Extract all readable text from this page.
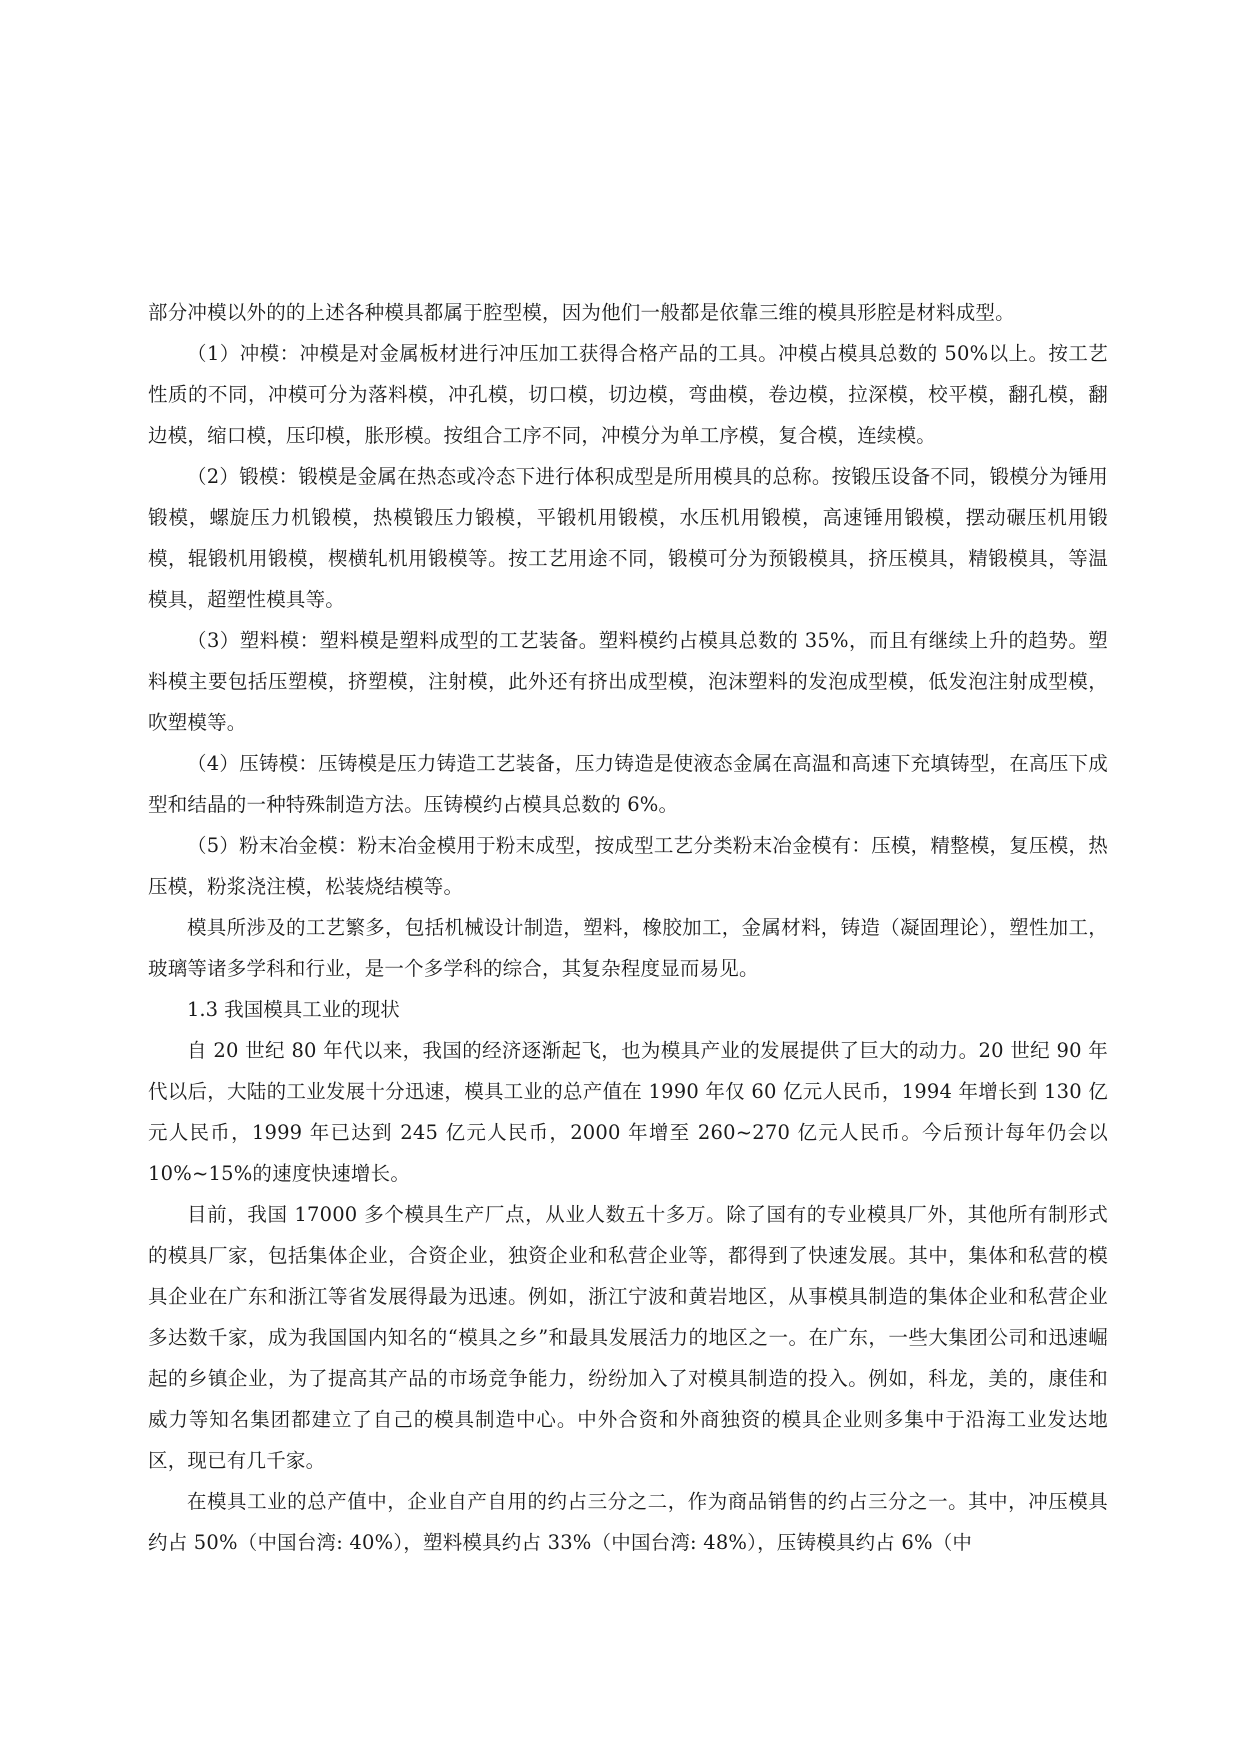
部分冲模以外的的上述各种模具都属于腔型模，因为他们一般都是依靠三维的模具形腔是材料成型。

（1）冲模：冲模是对金属板材进行冲压加工获得合格产品的工具。冲模占模具总数的 50%以上。按工艺性质的不同，冲模可分为落料模，冲孔模，切口模，切边模，弯曲模，卷边模，拉深模，校平模，翻孔模，翻边模，缩口模，压印模，胀形模。按组合工序不同，冲模分为单工序模，复合模，连续模。

（2）锻模：锻模是金属在热态或冷态下进行体积成型是所用模具的总称。按锻压设备不同，锻模分为锤用锻模，螺旋压力机锻模，热模锻压力锻模，平锻机用锻模，水压机用锻模，高速锤用锻模，摆动碾压机用锻模，辊锻机用锻模，楔横轧机用锻模等。按工艺用途不同，锻模可分为预锻模具，挤压模具，精锻模具，等温模具，超塑性模具等。

（3）塑料模：塑料模是塑料成型的工艺装备。塑料模约占模具总数的 35%，而且有继续上升的趋势。塑料模主要包括压塑模，挤塑模，注射模，此外还有挤出成型模，泡沫塑料的发泡成型模，低发泡注射成型模，吹塑模等。

（4）压铸模：压铸模是压力铸造工艺装备，压力铸造是使液态金属在高温和高速下充填铸型，在高压下成型和结晶的一种特殊制造方法。压铸模约占模具总数的 6%。

（5）粉末冶金模：粉末冶金模用于粉末成型，按成型工艺分类粉末冶金模有：压模，精整模，复压模，热压模，粉浆浇注模，松装烧结模等。

模具所涉及的工艺繁多，包括机械设计制造，塑料，橡胶加工，金属材料，铸造（凝固理论），塑性加工，玻璃等诸多学科和行业，是一个多学科的综合，其复杂程度显而易见。

1.3 我国模具工业的现状

自 20 世纪 80 年代以来，我国的经济逐渐起飞，也为模具产业的发展提供了巨大的动力。20 世纪 90 年代以后，大陆的工业发展十分迅速，模具工业的总产值在 1990 年仅 60 亿元人民币，1994 年增长到 130 亿元人民币，1999 年已达到 245 亿元人民币，2000 年增至 260~270 亿元人民币。今后预计每年仍会以 10%~15%的速度快速增长。

目前，我国 17000 多个模具生产厂点，从业人数五十多万。除了国有的专业模具厂外，其他所有制形式的模具厂家，包括集体企业，合资企业，独资企业和私营企业等，都得到了快速发展。其中，集体和私营的模具企业在广东和浙江等省发展得最为迅速。例如，浙江宁波和黄岩地区，从事模具制造的集体企业和私营企业多达数千家，成为我国国内知名的“模具之乡”和最具发展活力的地区之一。在广东，一些大集团公司和迅速崛起的乡镇企业，为了提高其产品的市场竞争能力，纷纷加入了对模具制造的投入。例如，科龙，美的，康佳和威力等知名集团都建立了自己的模具制造中心。中外合资和外商独资的模具企业则多集中于沿海工业发达地区，现已有几千家。

在模具工业的总产值中，企业自产自用的约占三分之二，作为商品销售的约占三分之一。其中，冲压模具约占 50%（中国台湾: 40%），塑料模具约占 33%（中国台湾: 48%），压铸模具约占 6%（中
